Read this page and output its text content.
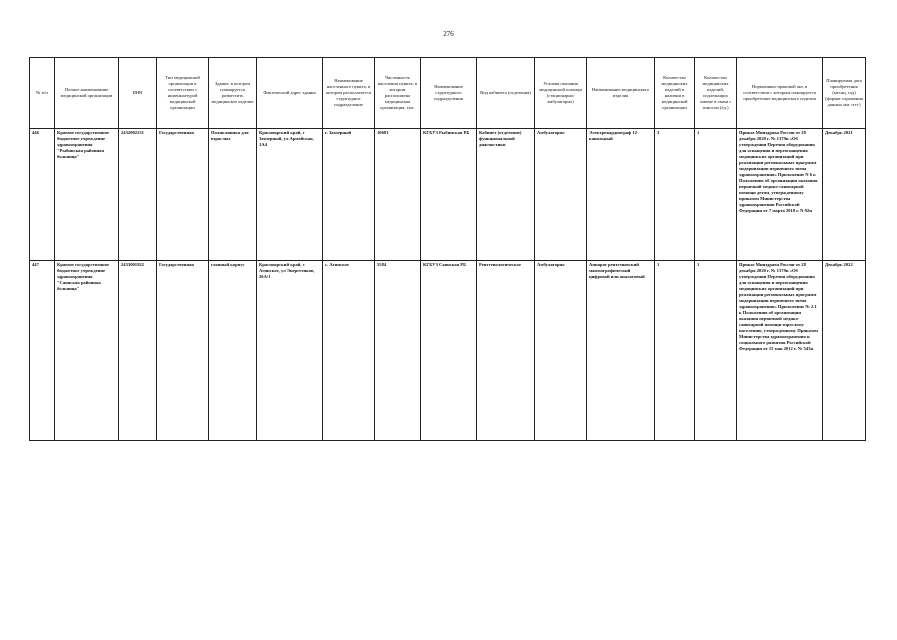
276
№ п/п	Полное наименование медицинской организации	ИНН	Тип медицинской организации в соответствии с номенклатурой медицинской организации	Здание, в котором планируется разместить медицинское изделие	Фактический адрес здания	Наименование населенного пункта, в котором располагается структурное подразделение	Численность населения пункта, в котором расположена медицинская организация, тыс.	Наименование структурного подразделения	Вид кабинета (отделения)	Условия оказания медицинской помощи (стационарно/ амбулаторно)	Наименование медицинского изделия	Количество медицинских изделий в наличии в медицинской организации	Количество медицинских изделий, подлежащих замене в связи с износом (ед.)	Нормативно-правовой акт, в соответствии с которым планируется приобретение медицинского изделия	Планируемая дата приобретения (месяц, год) (формат отражения данных мм. гггг)
446	Краевое государственное бюджетное учреждение здравоохранения "Рыбинская районная больница"	2432002231	Государственная	Поликлиника для взрослых	Красноярский край, г Заозерный, ул Армейская, 1А4	г. Заозерный	10681	КГБУЗ Рыбинская РБ	Кабинет (отделение) функциональной диагностики	Амбулаторно	Электрокардиограф 12-канальный	3	1	Приказ Минздрава России от 28 декабря 2020 г. № 1379н «Об утверждении Перечня оборудования для оснащения и переоснащения медицинских организаций при реализации региональных программ модернизации первичного звена здравоохранения» Приложение N 6 к Положению об организации оказания первичной медико-санитарной помощи детям, утвержденному приказом Министерства здравоохранения Российской Федерации от 7 марта 2018 г. N 92н	Декабрь 2021
447	Краевое государственное бюджетное учреждение здравоохранения "Саянская районная больница"	2433001922	Государственная	главный корпус	Красноярский край, с Агинское, ул Энергетиков, 26А/1	с. Агинское	5584	КГБУЗ Саянская РБ	Рентгенологическое	Амбулаторно	Аппарат рентгеновский маммографический цифровой или аналоговый	1	1	Приказ Минздрава России от 28 декабря 2020 г. № 1379н «Об утверждении Перечня оборудования для оснащения и переоснащения медицинских организаций при реализации региональных программ модернизации первичного звена здравоохранения» Приложение № 2.1 к Положению об организации оказания первичной медико-санитарной помощи взрослому населению, утвержденному Приказом Министерства здравоохранения и социального развития Российской Федерации от 15 мая 2012 г. № 543н	Декабрь 2022
